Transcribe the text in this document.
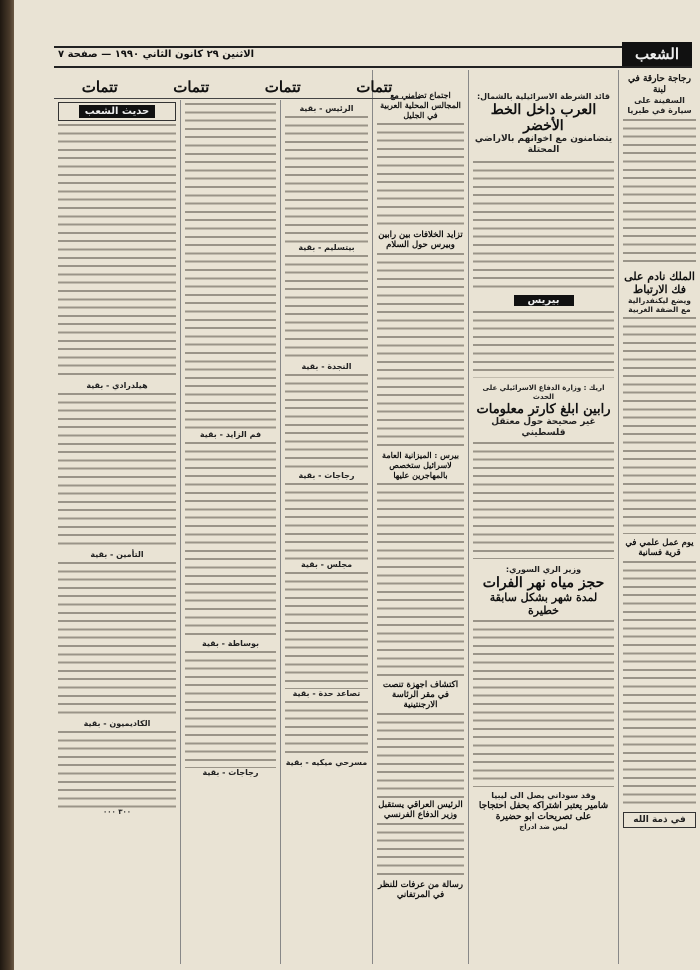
الشعب
الاثنين ٢٩ كانون الثاني ١٩٩٠ — صفحة ٧
رجاجة حارقة في لبنة
السفينة على سيارة في طبريا
الملك نادم على فك الارتباط
ويضع ليكنفدرالية مع الضفة الغربية
يوم عمل علمي في قرية فسانية
في ذمة الله
قائد الشرطة الاسرائيلية بالشمال:
العرب داخل الخط الأخضر
يتضامنون مع اخوانهم بالاراضي المحتلة
بيريس
اريك : وزارة الدفاع الاسرائيلي على الحدث
رابين ابلغ كارتر معلومات
غير صحيحة حول معتقل قلسطيني
وزير الري السوري:
حجز مياه نهر الفرات
لمدة شهر بشكل سابقة خطيرة
وقد سوداني يصل الى ليبيا
شامير يعتبر اشتراكه بحفل احتجاجا على تصريحات ابو حضيرة
ليس ضد ادراج
اجتماع تضامني مع المجالس المحلية العربية في الجليل
تزايد الخلافات بين رابين وبيرس حول السلام
بيرس : الميزانية العامة لاسرائيل ستخصص بالمهاجرين عليها
اكتشاف اجهزة تنصت في مقر الرئاسة الارجنتينية
الرئيس العراقي يستقبل وزير الدفاع الفرنسي
رسالة من عرفات للنظر في المرتفاني
تتمات
تتمات
تتمات
تتمات
الرئيس - بقية
بيتسليم - بقية
النجدة - بقية
رجاجات - بقية
مجلس - بقية
تصاعد حدة - بقية
مسرحي ميكيه - بقية
فم الزايد - بقية
بوساطة - بقية
رجاجات - بقية
حديث الشعب
هيلدرادي - بقية
التأمين - بقية
الكاديميون - بقية
٣٠٠ ٠٠٠
